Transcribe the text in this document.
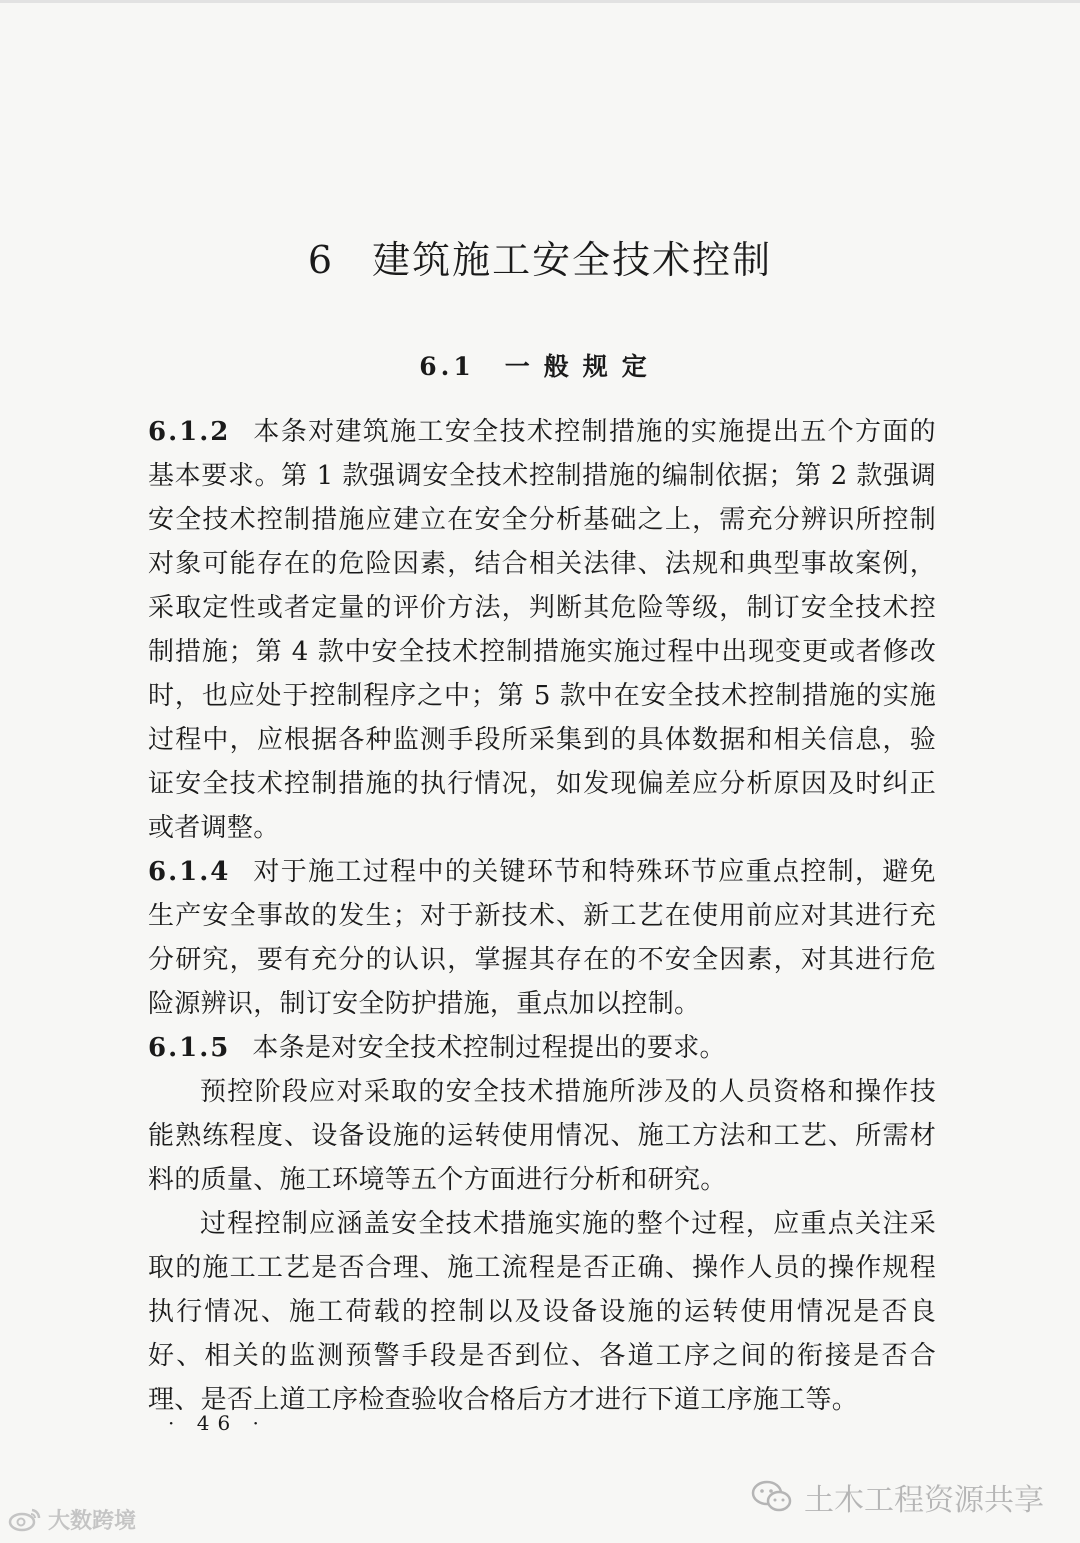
6 建筑施工安全技术控制
6.1 一般规定

6.1.2 本条对建筑施工安全技术控制措施的实施提出五个方面的基本要求。第 1 款强调安全技术控制措施的编制依据；第 2 款强调安全技术控制措施应建立在安全分析基础之上，需充分辨识所控制对象可能存在的危险因素，结合相关法律、法规和典型事故案例，采取定性或者定量的评价方法，判断其危险等级，制订安全技术控制措施；第 4 款中安全技术控制措施实施过程中出现变更或者修改时，也应处于控制程序之中；第 5 款中在安全技术控制措施的实施过程中，应根据各种监测手段所采集到的具体数据和相关信息，验证安全技术控制措施的执行情况，如发现偏差应分析原因及时纠正或者调整。

6.1.4 对于施工过程中的关键环节和特殊环节应重点控制，避免生产安全事故的发生；对于新技术、新工艺在使用前应对其进行充分研究，要有充分的认识，掌握其存在的不安全因素，对其进行危险源辨识，制订安全防护措施，重点加以控制。

6.1.5 本条是对安全技术控制过程提出的要求。

预控阶段应对采取的安全技术措施所涉及的人员资格和操作技能熟练程度、设备设施的运转使用情况、施工方法和工艺、所需材料的质量、施工环境等五个方面进行分析和研究。

过程控制应涵盖安全技术措施实施的整个过程，应重点关注采取的施工工艺是否合理、施工流程是否正确、操作人员的操作规程执行情况、施工荷载的控制以及设备设施的运转使用情况是否良好、相关的监测预警手段是否到位、各道工序之间的衔接是否合理、是否上道工序检查验收合格后方才进行下道工序施工等。

· 46 ·
大数跨境
土木工程资源共享
